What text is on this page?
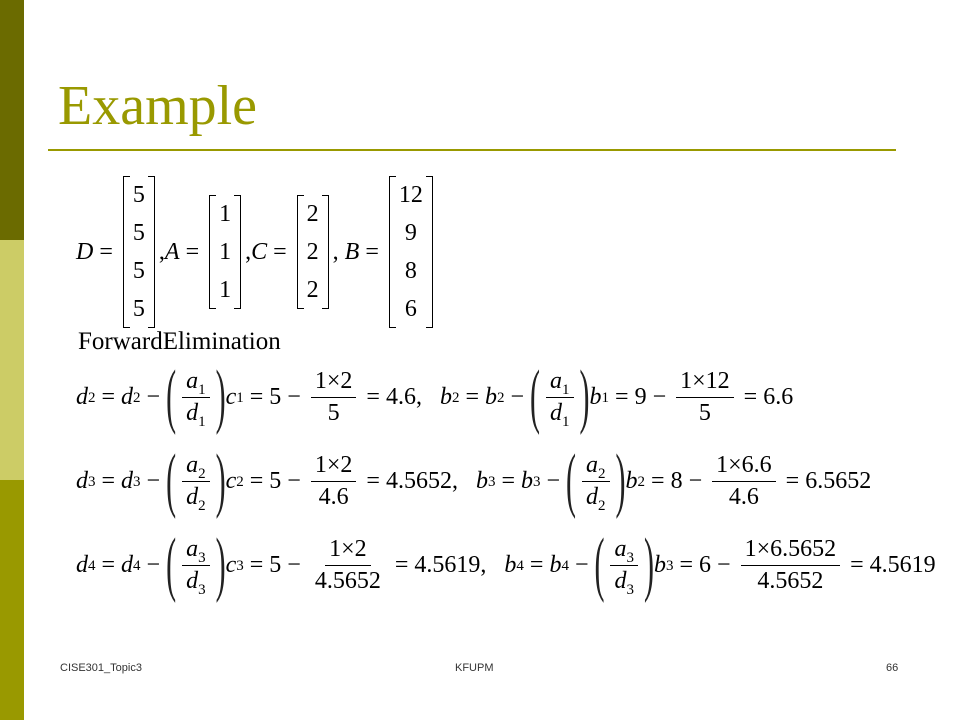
Example
D =
5
5
5
5
, A =
1
1
1
, C =
2
2
2
, B =
12
9
8
6
ForwardElimination
d 2 = d 2 − ( $\frac{a_1}{d_1}$ ) c $1 = 5 - \frac{1\times 2}{5} = 4.6$ , b 2 = b 2 − ( $\frac{a_1}{d_1}$ ) b $1 = 9 - \frac{1\times 12}{5} = 6.6$
d 3 = d 3 − ( $\frac{a_2}{d_2}$ ) c $2 = 5 - \frac{1\times 2}{4.6} = 4.5652$ , b 3 = b 3 − ( $\frac{a_2}{d_2}$ ) b $2 = 8 - \frac{1\times 6.6}{4.6} = 6.5652$
d 4 = d 4 − ( $\frac{a_3}{d_3}$ ) c $3 = 5 - \frac{1\times 2}{4.5652} = 4.5619$ , b 4 = b 4 − ( $\frac{a_3}{d_3}$ ) b $3 = 6 - \frac{1\times 6.5652}{4.5652} = 4.5619$
CISE301_Topic3	KFUPM	66
